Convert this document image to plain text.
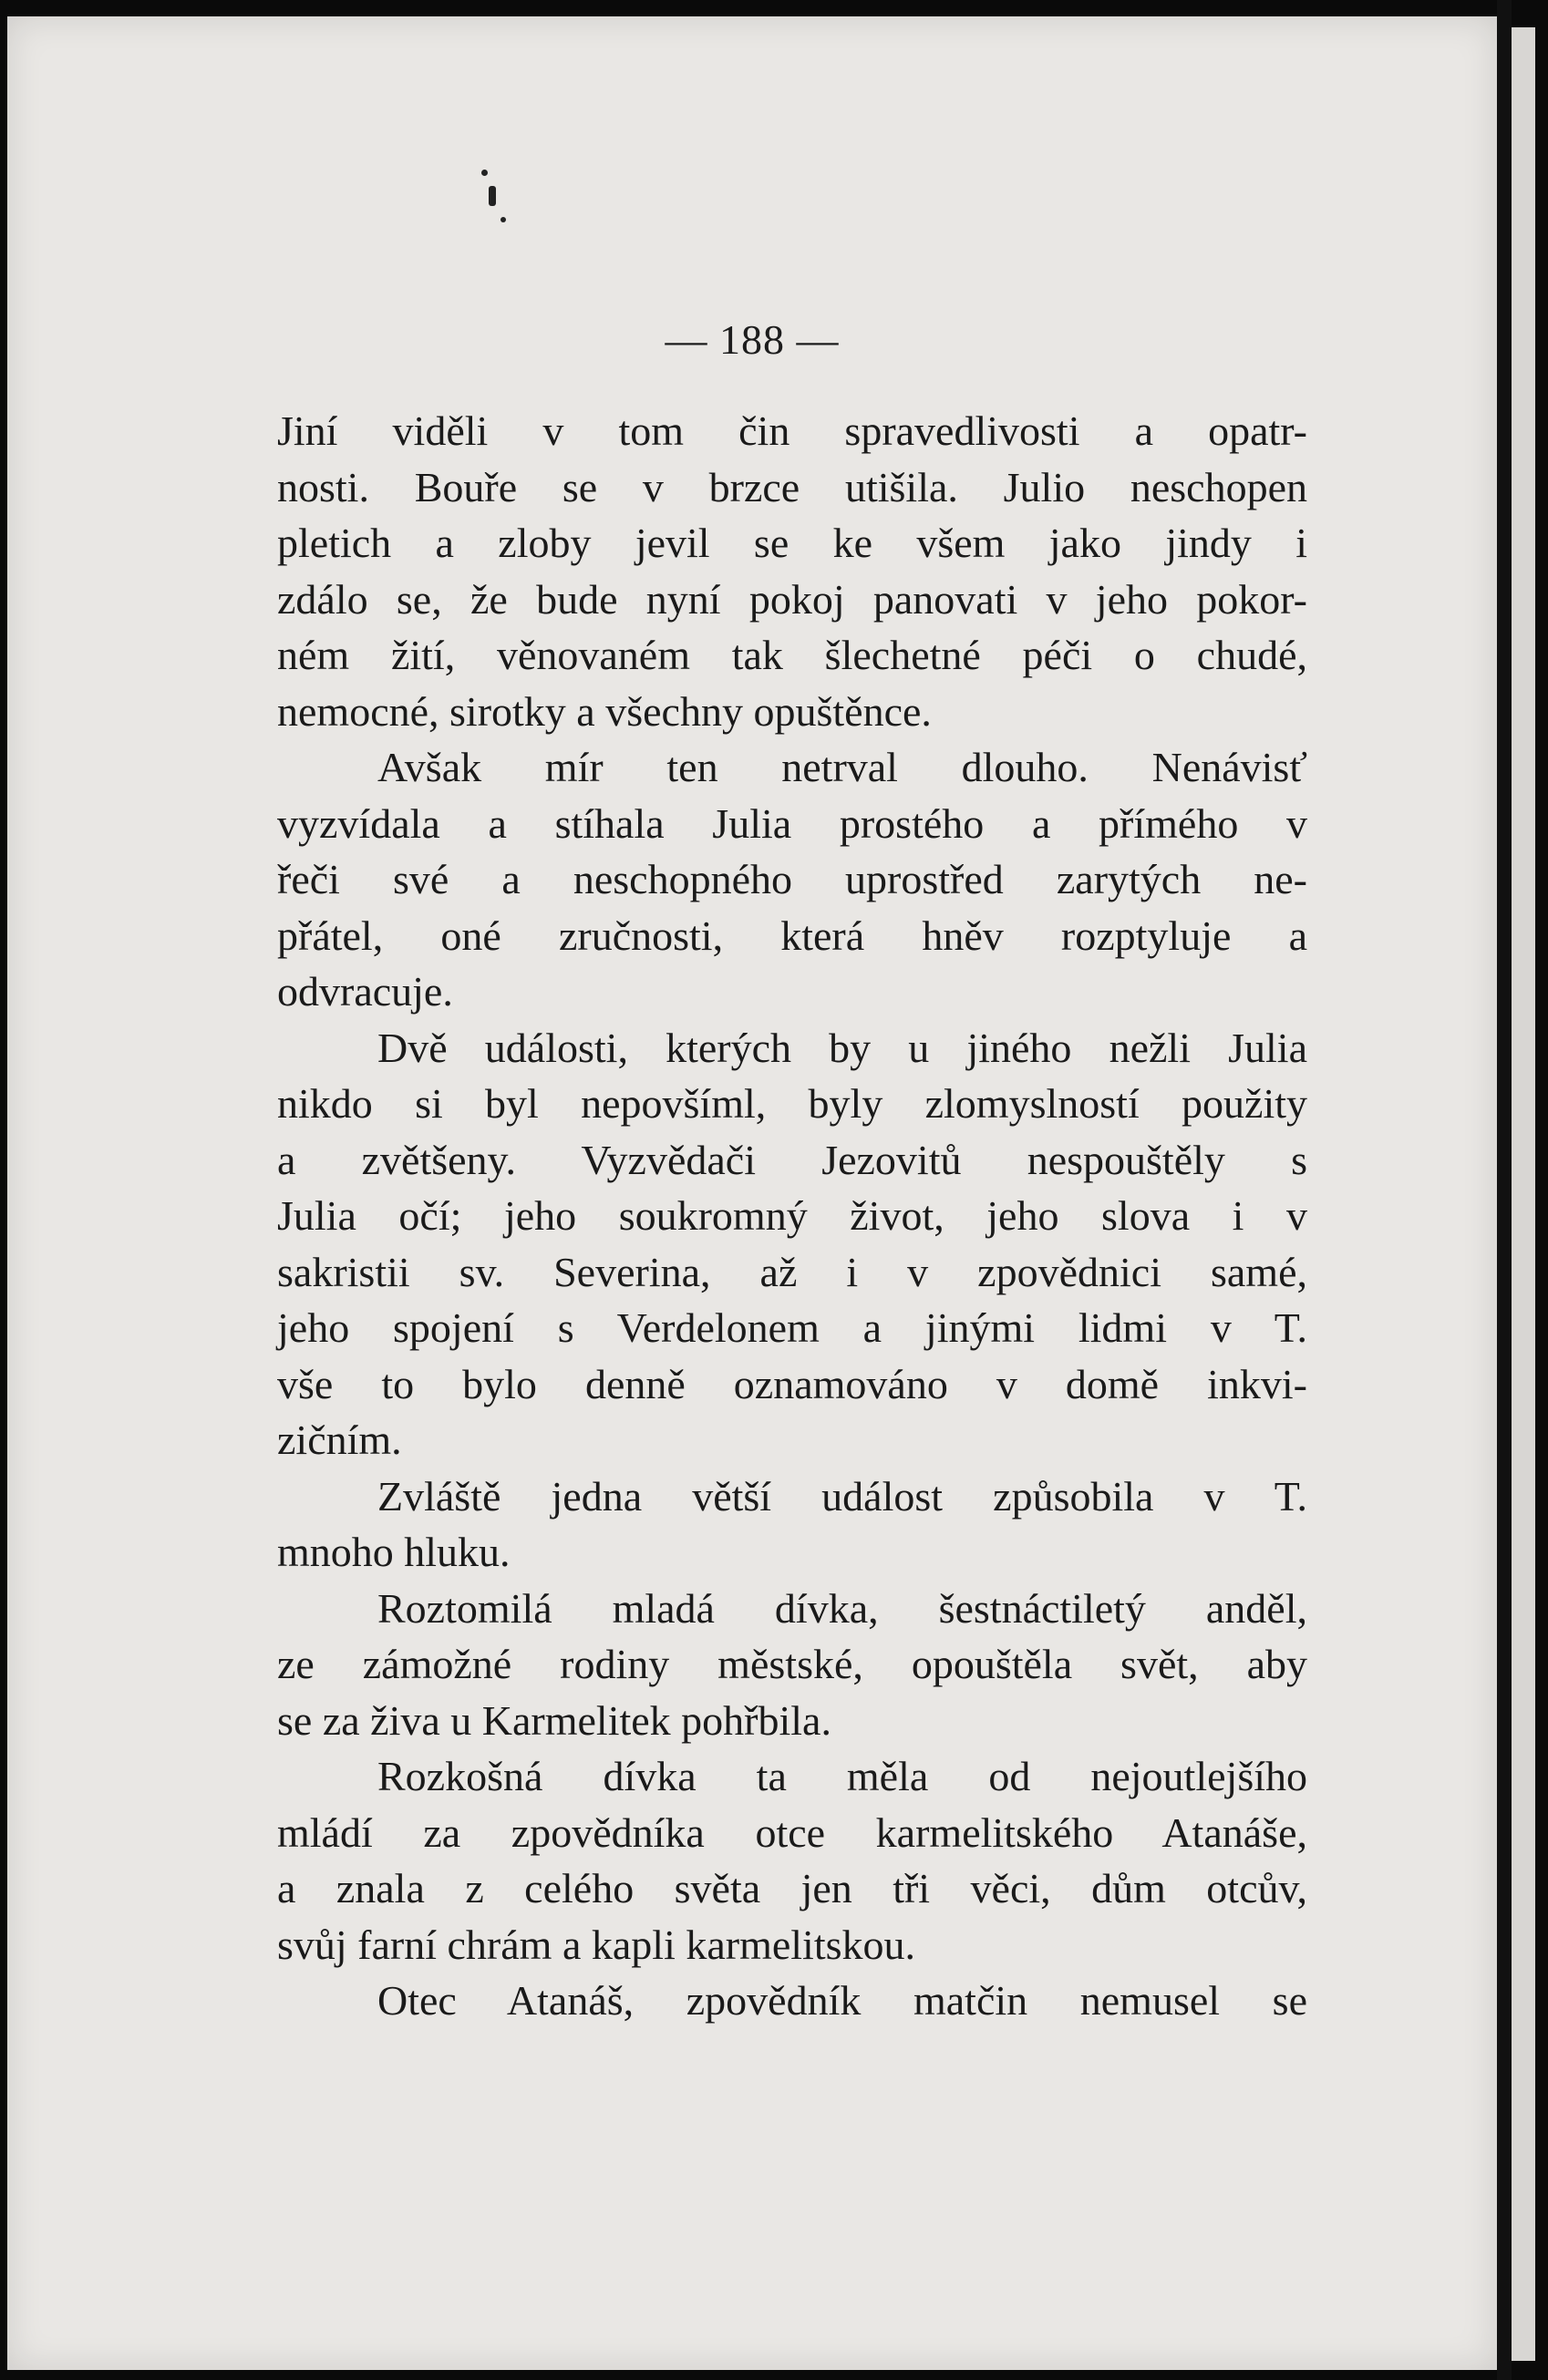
— 188 —

Jiní viděli v tom čin spravedlivosti a opatr-
nosti. Bouře se v brzce utišila. Julio neschopen
pletich a zloby jevil se ke všem jako jindy i
zdálo se, že bude nyní pokoj panovati v jeho pokor-
ném žití, věnovaném tak šlechetné péči o chudé,
nemocné, sirotky a všechny opuštěnce.
Avšak mír ten netrval dlouho. Nenávisť
vyzvídala a stíhala Julia prostého a přímého v
řeči své a neschopného uprostřed zarytých ne-
přátel, oné zručnosti, která hněv rozptyluje a
odvracuje.
Dvě události, kterých by u jiného nežli Julia
nikdo si byl nepovšíml, byly zlomyslností použity
a zvětšeny. Vyzvědači Jezovitů nespouštěly s
Julia očí; jeho soukromný život, jeho slova i v
sakristii sv. Severina, až i v zpovědnici samé,
jeho spojení s Verdelonem a jinými lidmi v T.
vše to bylo denně oznamováno v domě inkvi-
zičním.
Zvláště jedna větší událost způsobila v T.
mnoho hluku.
Roztomilá mladá dívka, šestnáctiletý anděl,
ze zámožné rodiny městské, opouštěla svět, aby
se za živa u Karmelitek pohřbila.
Rozkošná dívka ta měla od nejoutlejšího
mládí za zpovědníka otce karmelitského Atanáše,
a znala z celého světa jen tři věci, dům otcův,
svůj farní chrám a kapli karmelitskou.
Otec Atanáš, zpovědník matčin nemusel se
